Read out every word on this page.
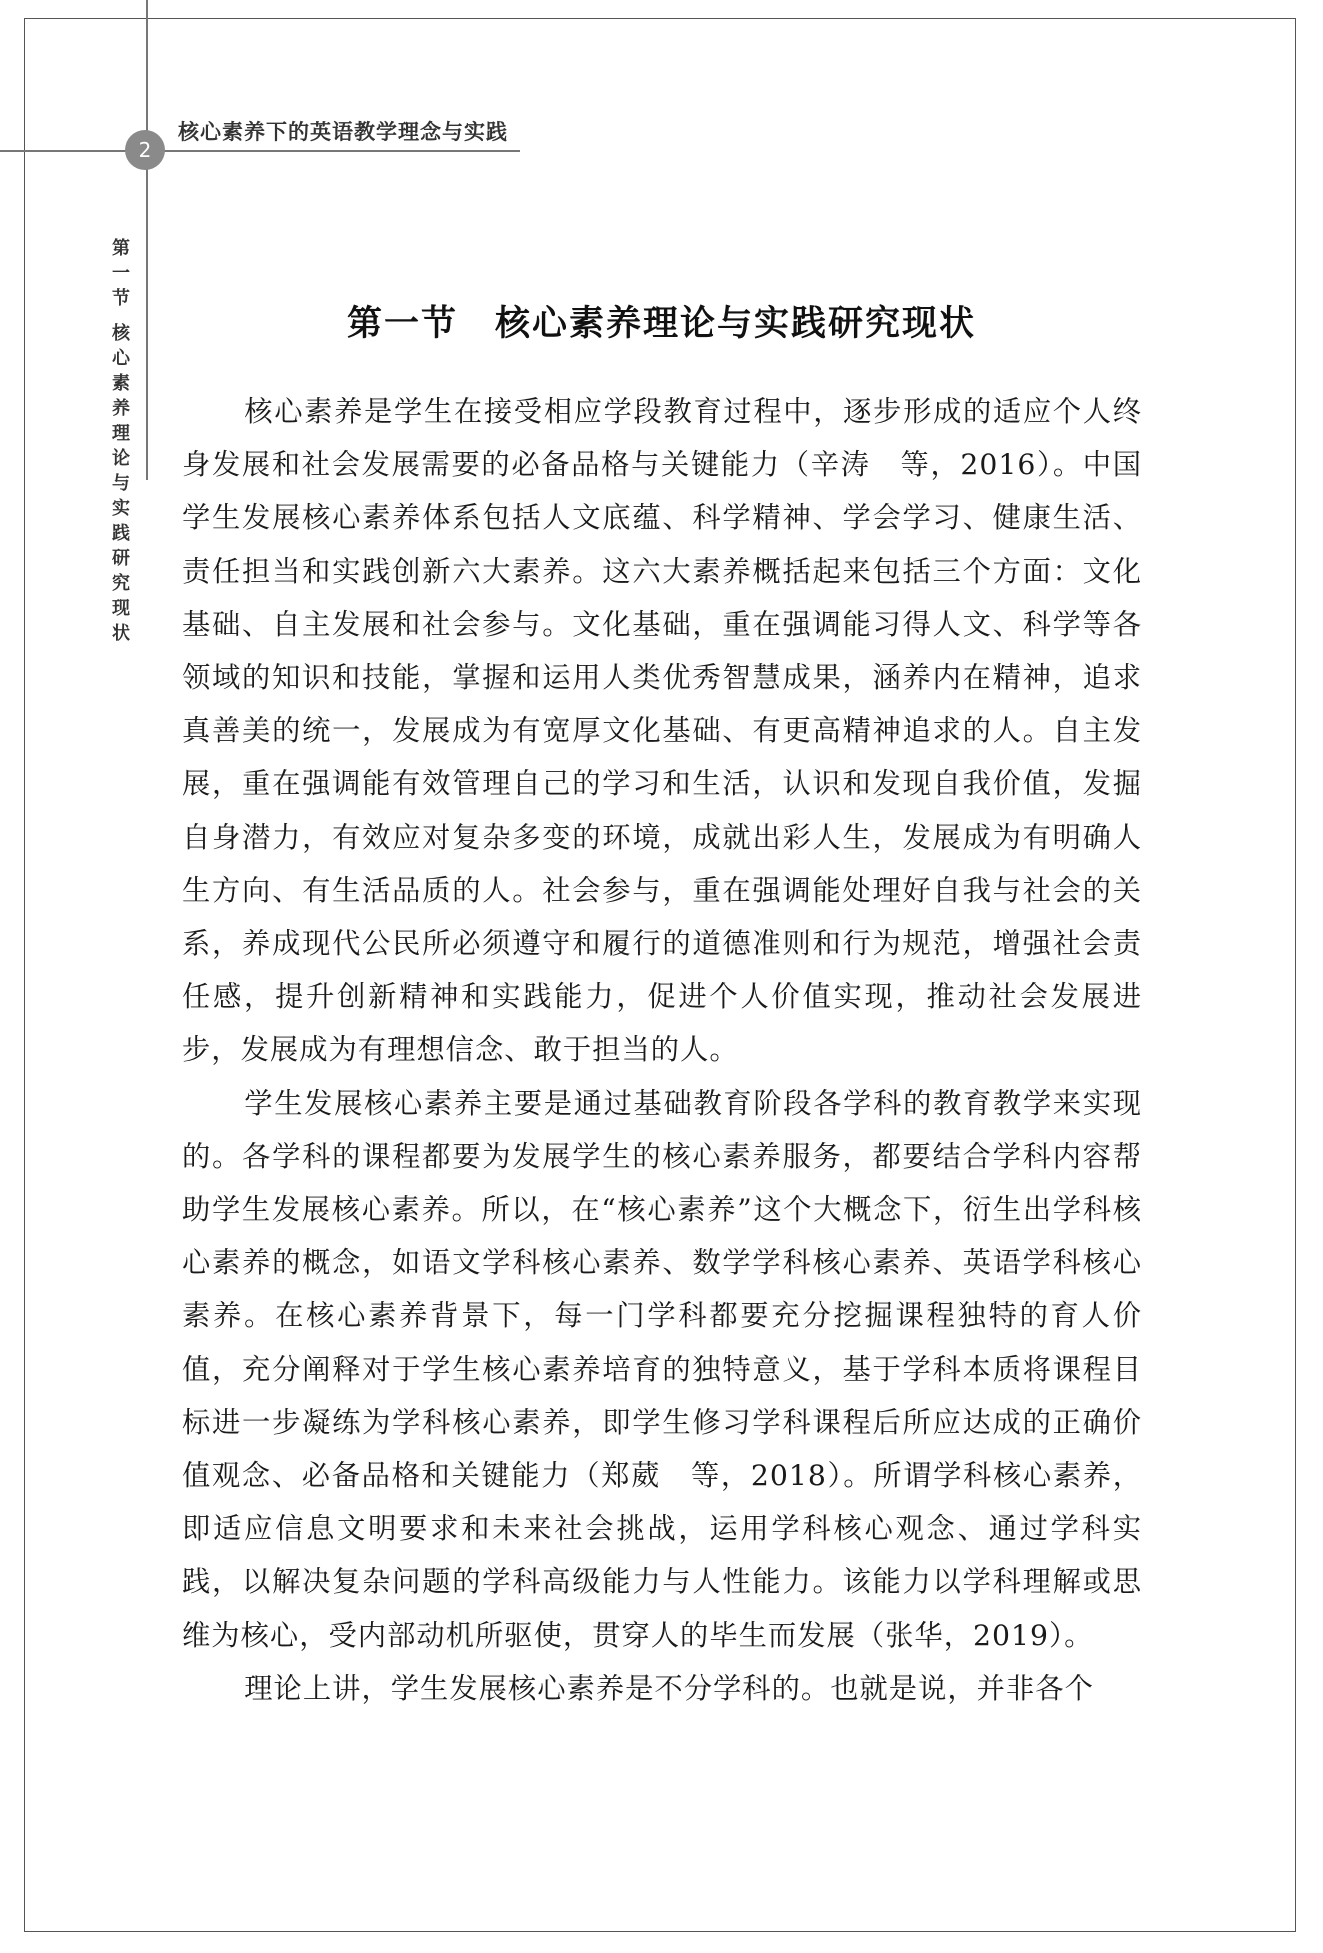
2
核心素养下的英语教学理念与实践
第
一
节
核
心
素
养
理
论
与
实
践
研
究
现
状
第一节　核心素养理论与实践研究现状

核心素养是学生在接受相应学段教育过程中，逐步形成的适应个人终身发展和社会发展需要的必备品格与关键能力（辛涛　等，2016）。中国学生发展核心素养体系包括人文底蕴、科学精神、学会学习、健康生活、责任担当和实践创新六大素养。这六大素养概括起来包括三个方面：文化基础、自主发展和社会参与。文化基础，重在强调能习得人文、科学等各领域的知识和技能，掌握和运用人类优秀智慧成果，涵养内在精神，追求真善美的统一，发展成为有宽厚文化基础、有更高精神追求的人。自主发展，重在强调能有效管理自己的学习和生活，认识和发现自我价值，发掘自身潜力，有效应对复杂多变的环境，成就出彩人生，发展成为有明确人生方向、有生活品质的人。社会参与，重在强调能处理好自我与社会的关系，养成现代公民所必须遵守和履行的道德准则和行为规范，增强社会责任感，提升创新精神和实践能力，促进个人价值实现，推动社会发展进步，发展成为有理想信念、敢于担当的人。

学生发展核心素养主要是通过基础教育阶段各学科的教育教学来实现的。各学科的课程都要为发展学生的核心素养服务，都要结合学科内容帮助学生发展核心素养。所以，在“核心素养”这个大概念下，衍生出学科核心素养的概念，如语文学科核心素养、数学学科核心素养、英语学科核心素养。在核心素养背景下，每一门学科都要充分挖掘课程独特的育人价值，充分阐释对于学生核心素养培育的独特意义，基于学科本质将课程目标进一步凝练为学科核心素养，即学生修习学科课程后所应达成的正确价值观念、必备品格和关键能力（郑葳　等，2018）。所谓学科核心素养，即适应信息文明要求和未来社会挑战，运用学科核心观念、通过学科实践，以解决复杂问题的学科高级能力与人性能力。该能力以学科理解或思维为核心，受内部动机所驱使，贯穿人的毕生而发展（张华，2019）。

理论上讲，学生发展核心素养是不分学科的。也就是说，并非各个
